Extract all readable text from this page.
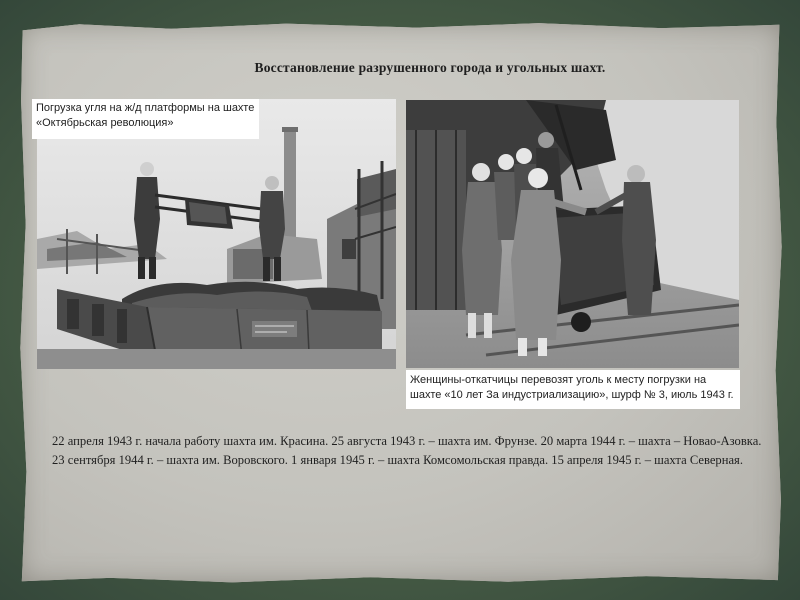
Восстановление разрушенного города и угольных шахт.
Погрузка угля на ж/д платформы на шахте «Октябрьская революция»
Женщины-откатчицы перевозят уголь к месту погрузки на шахте «10 лет За индустриализацию», шурф № 3, июль 1943 г.
22 апреля 1943 г. начала работу шахта им. Красина. 25 августа 1943 г. – шахта им. Фрунзе. 20 марта 1944 г. – шахта – Новао-Азовка. 23 сентября 1944 г. – шахта им. Воровского. 1 января 1945 г. – шахта Комсомольская правда. 15 апреля 1945 г. – шахта Северная.
